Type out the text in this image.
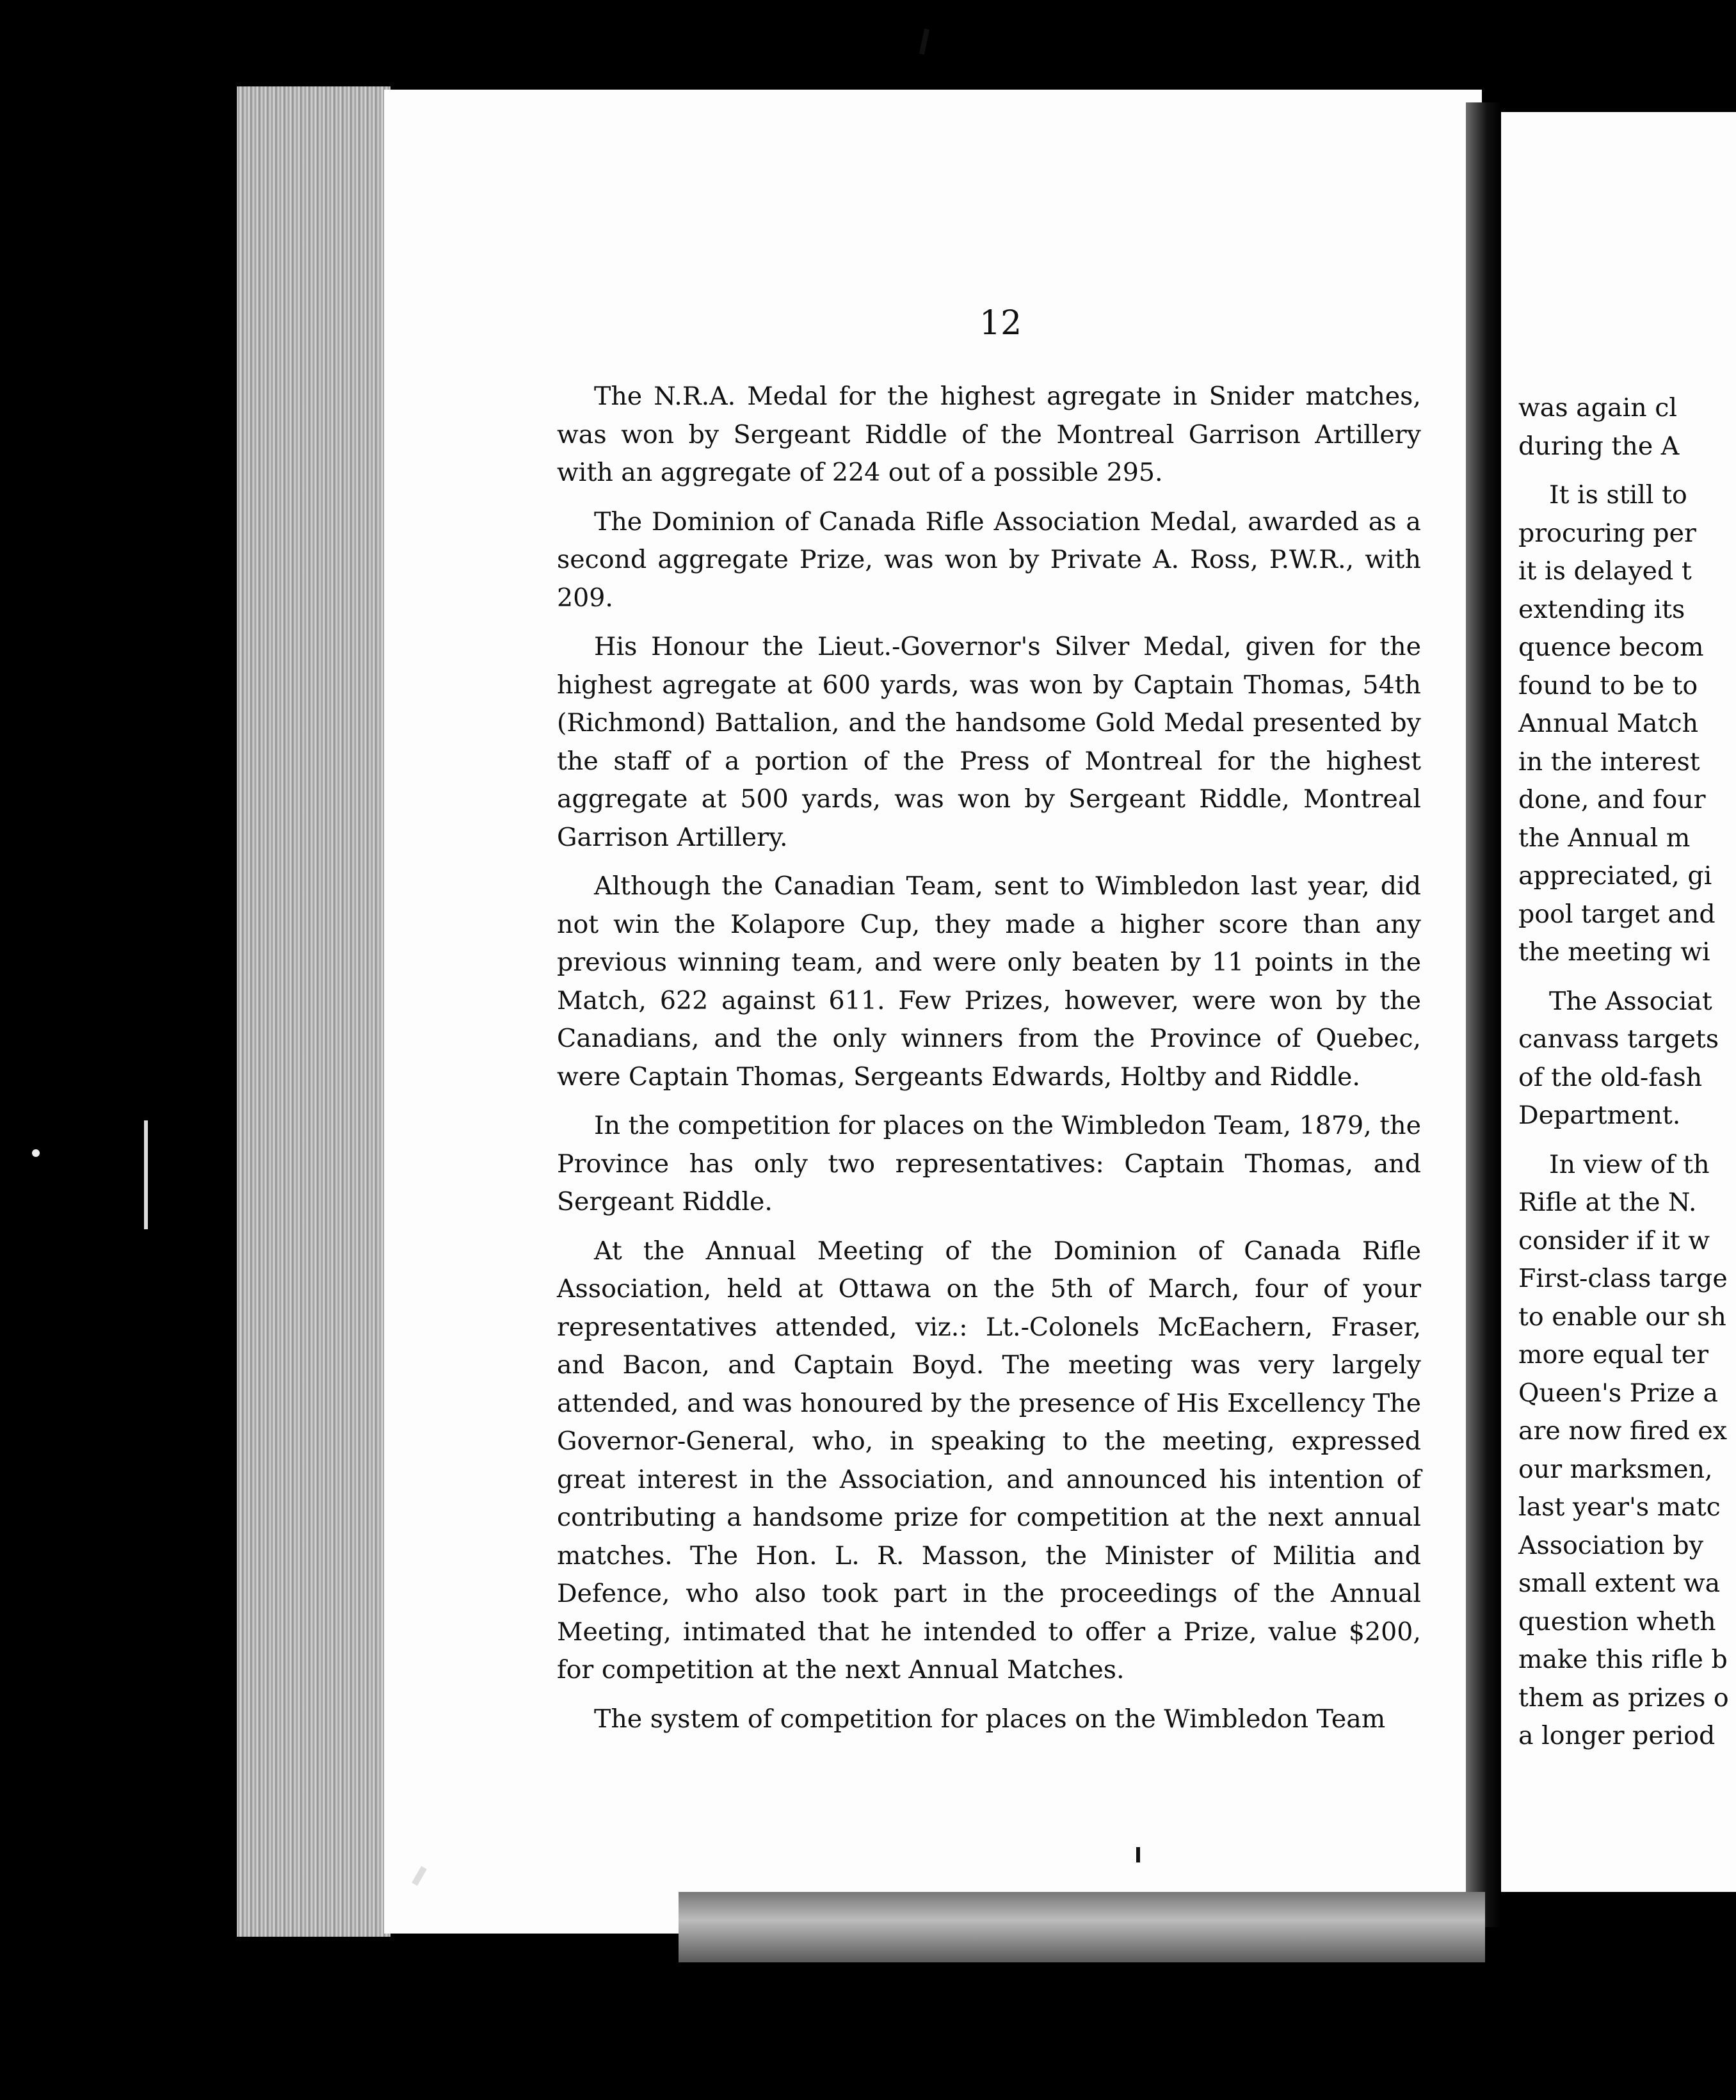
12

The N.R.A. Medal for the highest agregate in Snider matches, was won by Sergeant Riddle of the Montreal Garrison Artillery with an aggregate of 224 out of a possible 295.

The Dominion of Canada Rifle Association Medal, awarded as a second aggregate Prize, was won by Private A. Ross, P.W.R., with 209.

His Honour the Lieut.-Governor's Silver Medal, given for the highest agregate at 600 yards, was won by Captain Thomas, 54th (Richmond) Battalion, and the handsome Gold Medal presented by the staff of a portion of the Press of Montreal for the highest aggregate at 500 yards, was won by Sergeant Riddle, Montreal Garrison Artillery.

Although the Canadian Team, sent to Wimbledon last year, did not win the Kolapore Cup, they made a higher score than any previous winning team, and were only beaten by 11 points in the Match, 622 against 611. Few Prizes, however, were won by the Canadians, and the only winners from the Province of Quebec, were Captain Thomas, Sergeants Edwards, Holtby and Riddle.

In the competition for places on the Wimbledon Team, 1879, the Province has only two representatives: Captain Thomas, and Sergeant Riddle.

At the Annual Meeting of the Dominion of Canada Rifle Association, held at Ottawa on the 5th of March, four of your representatives attended, viz.: Lt.-Colonels McEachern, Fraser, and Bacon, and Captain Boyd. The meeting was very largely attended, and was honoured by the presence of His Excellency The Governor-General, who, in speaking to the meeting, expressed great interest in the Association, and announced his intention of contributing a handsome prize for competition at the next annual matches. The Hon. L. R. Masson, the Minister of Militia and Defence, who also took part in the proceedings of the Annual Meeting, intimated that he intended to offer a Prize, value $200, for competition at the next Annual Matches.

The system of competition for places on the Wimbledon Team

was again cl
during the A
It is still to
procuring per
it is delayed t
extending its
quence becom
found to be to
Annual Match
in the interest
done, and four
the Annual m
appreciated, gi
pool target and
the meeting wi
The Associat
canvass targets
of the old-fash
Department.
In view of th
Rifle at the N.
consider if it w
First-class targe
to enable our sh
more equal ter
Queen's Prize a
are now fired ex
our marksmen,
last year's matc
Association by
small extent wa
question wheth
make this rifle b
them as prizes o
a longer period
